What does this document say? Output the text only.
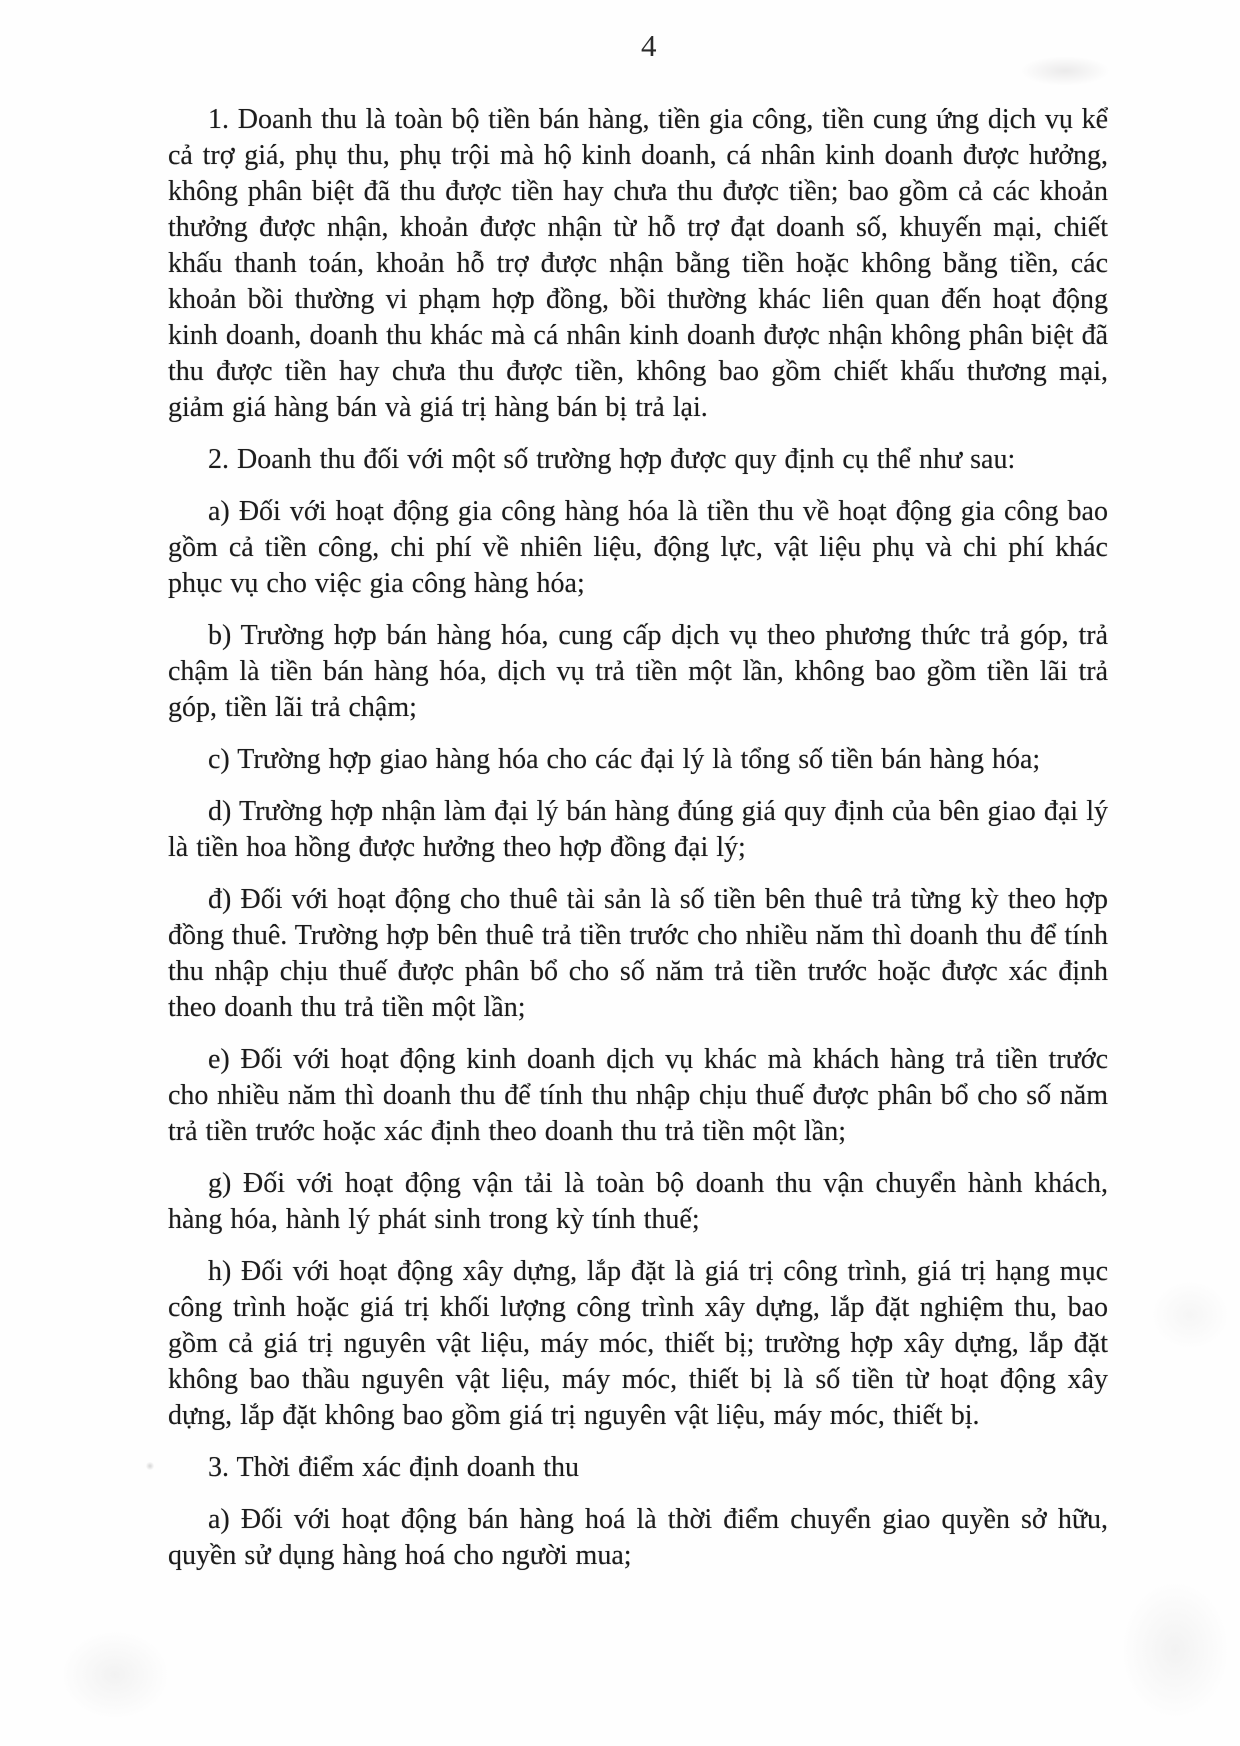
4

1. Doanh thu là toàn bộ tiền bán hàng, tiền gia công, tiền cung ứng dịch vụ kể cả trợ giá, phụ thu, phụ trội mà hộ kinh doanh, cá nhân kinh doanh được hưởng, không phân biệt đã thu được tiền hay chưa thu được tiền; bao gồm cả các khoản thưởng được nhận, khoản được nhận từ hỗ trợ đạt doanh số, khuyến mại, chiết khấu thanh toán, khoản hỗ trợ được nhận bằng tiền hoặc không bằng tiền, các khoản bồi thường vi phạm hợp đồng, bồi thường khác liên quan đến hoạt động kinh doanh, doanh thu khác mà cá nhân kinh doanh được nhận không phân biệt đã thu được tiền hay chưa thu được tiền, không bao gồm chiết khấu thương mại, giảm giá hàng bán và giá trị hàng bán bị trả lại.

2. Doanh thu đối với một số trường hợp được quy định cụ thể như sau:

a) Đối với hoạt động gia công hàng hóa là tiền thu về hoạt động gia công bao gồm cả tiền công, chi phí về nhiên liệu, động lực, vật liệu phụ và chi phí khác phục vụ cho việc gia công hàng hóa;

b) Trường hợp bán hàng hóa, cung cấp dịch vụ theo phương thức trả góp, trả chậm là tiền bán hàng hóa, dịch vụ trả tiền một lần, không bao gồm tiền lãi trả góp, tiền lãi trả chậm;

c) Trường hợp giao hàng hóa cho các đại lý là tổng số tiền bán hàng hóa;

d) Trường hợp nhận làm đại lý bán hàng đúng giá quy định của bên giao đại lý là tiền hoa hồng được hưởng theo hợp đồng đại lý;

đ) Đối với hoạt động cho thuê tài sản là số tiền bên thuê trả từng kỳ theo hợp đồng thuê. Trường hợp bên thuê trả tiền trước cho nhiều năm thì doanh thu để tính thu nhập chịu thuế được phân bổ cho số năm trả tiền trước hoặc được xác định theo doanh thu trả tiền một lần;

e) Đối với hoạt động kinh doanh dịch vụ khác mà khách hàng trả tiền trước cho nhiều năm thì doanh thu để tính thu nhập chịu thuế được phân bổ cho số năm trả tiền trước hoặc xác định theo doanh thu trả tiền một lần;

g) Đối với hoạt động vận tải là toàn bộ doanh thu vận chuyển hành khách, hàng hóa, hành lý phát sinh trong kỳ tính thuế;

h) Đối với hoạt động xây dựng, lắp đặt là giá trị công trình, giá trị hạng mục công trình hoặc giá trị khối lượng công trình xây dựng, lắp đặt nghiệm thu, bao gồm cả giá trị nguyên vật liệu, máy móc, thiết bị; trường hợp xây dựng, lắp đặt không bao thầu nguyên vật liệu, máy móc, thiết bị là số tiền từ hoạt động xây dựng, lắp đặt không bao gồm giá trị nguyên vật liệu, máy móc, thiết bị.

3. Thời điểm xác định doanh thu

a) Đối với hoạt động bán hàng hoá là thời điểm chuyển giao quyền sở hữu, quyền sử dụng hàng hoá cho người mua;
